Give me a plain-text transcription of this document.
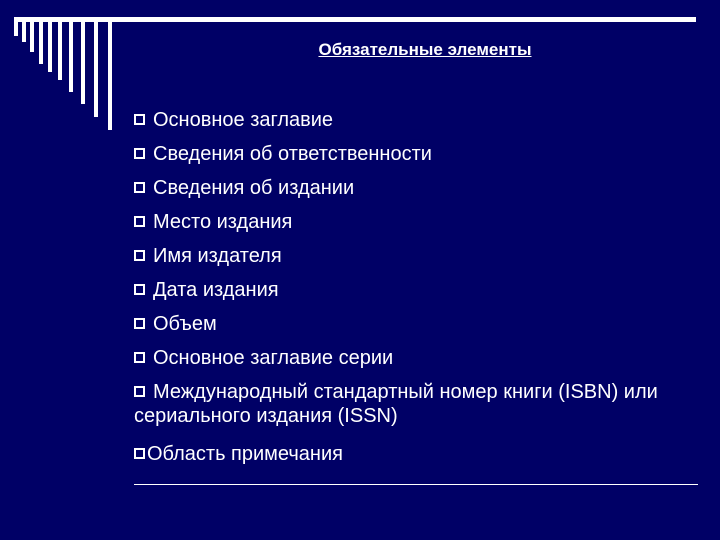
Обязательные элементы
Основное заглавие
Сведения об ответственности
Сведения об издании
Место издания
Имя издателя
Дата издания
Объем
Основное заглавие серии
Международный стандартный номер книги (ISBN) или сериального издания (ISSN)
Область примечания
